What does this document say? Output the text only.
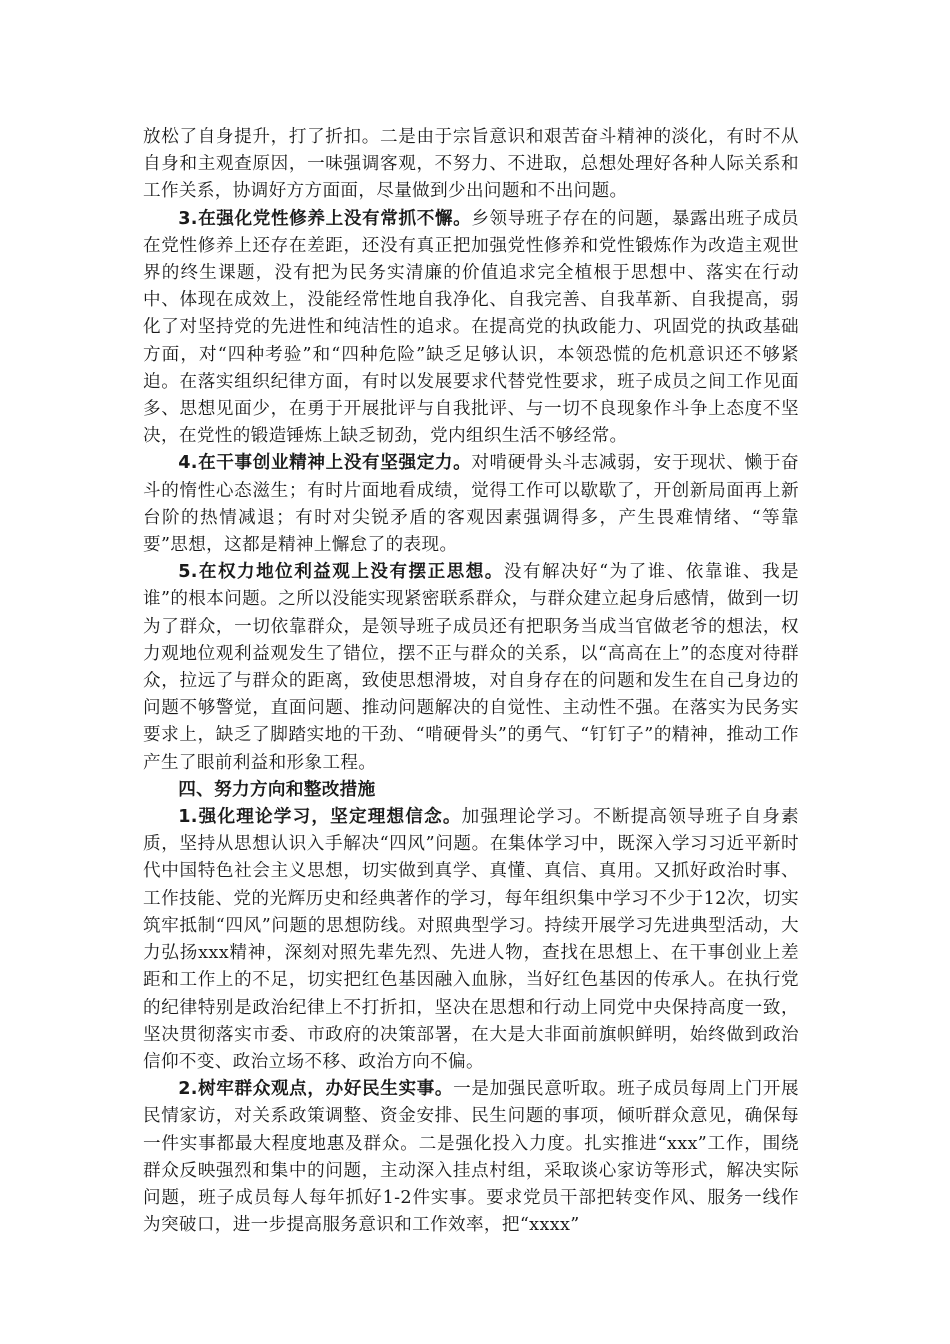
放松了自身提升，打了折扣。二是由于宗旨意识和艰苦奋斗精神的淡化，有时不从自身和主观查原因，一味强调客观，不努力、不进取，总想处理好各种人际关系和工作关系，协调好方方面面，尽量做到少出问题和不出问题。

3.在强化党性修养上没有常抓不懈。乡领导班子存在的问题，暴露出班子成员在党性修养上还存在差距，还没有真正把加强党性修养和党性锻炼作为改造主观世界的终生课题，没有把为民务实清廉的价值追求完全植根于思想中、落实在行动中、体现在成效上，没能经常性地自我净化、自我完善、自我革新、自我提高，弱化了对坚持党的先进性和纯洁性的追求。在提高党的执政能力、巩固党的执政基础方面，对“四种考验”和“四种危险”缺乏足够认识，本领恐慌的危机意识还不够紧迫。在落实组织纪律方面，有时以发展要求代替党性要求，班子成员之间工作见面多、思想见面少，在勇于开展批评与自我批评、与一切不良现象作斗争上态度不坚决，在党性的锻造锤炼上缺乏韧劲，党内组织生活不够经常。

4.在干事创业精神上没有坚强定力。对啃硬骨头斗志减弱，安于现状、懒于奋斗的惰性心态滋生；有时片面地看成绩，觉得工作可以歇歇了，开创新局面再上新台阶的热情减退；有时对尖锐矛盾的客观因素强调得多，产生畏难情绪、“等靠要”思想，这都是精神上懈怠了的表现。

5.在权力地位利益观上没有摆正思想。没有解决好“为了谁、依靠谁、我是谁”的根本问题。之所以没能实现紧密联系群众，与群众建立起身后感情，做到一切为了群众，一切依靠群众，是领导班子成员还有把职务当成当官做老爷的想法，权力观地位观利益观发生了错位，摆不正与群众的关系，以“高高在上”的态度对待群众，拉远了与群众的距离，致使思想滑坡，对自身存在的问题和发生在自己身边的问题不够警觉，直面问题、推动问题解决的自觉性、主动性不强。在落实为民务实要求上，缺乏了脚踏实地的干劲、“啃硬骨头”的勇气、“钉钉子”的精神，推动工作产生了眼前利益和形象工程。

四、努力方向和整改措施

1.强化理论学习，坚定理想信念。加强理论学习。不断提高领导班子自身素质，坚持从思想认识入手解决“四风”问题。在集体学习中，既深入学习习近平新时代中国特色社会主义思想，切实做到真学、真懂、真信、真用。又抓好政治时事、工作技能、党的光辉历史和经典著作的学习，每年组织集中学习不少于12次，切实筑牢抵制“四风”问题的思想防线。对照典型学习。持续开展学习先进典型活动，大力弘扬xxx精神，深刻对照先辈先烈、先进人物，查找在思想上、在干事创业上差距和工作上的不足，切实把红色基因融入血脉，当好红色基因的传承人。在执行党的纪律特别是政治纪律上不打折扣，坚决在思想和行动上同党中央保持高度一致，坚决贯彻落实市委、市政府的决策部署，在大是大非面前旗帜鲜明，始终做到政治信仰不变、政治立场不移、政治方向不偏。

2.树牢群众观点，办好民生实事。一是加强民意听取。班子成员每周上门开展民情家访，对关系政策调整、资金安排、民生问题的事项，倾听群众意见，确保每一件实事都最大程度地惠及群众。二是强化投入力度。扎实推进“xxx”工作，围绕群众反映强烈和集中的问题，主动深入挂点村组，采取谈心家访等形式，解决实际问题，班子成员每人每年抓好1-2件实事。要求党员干部把转变作风、服务一线作为突破口，进一步提高服务意识和工作效率，把“xxxx”
